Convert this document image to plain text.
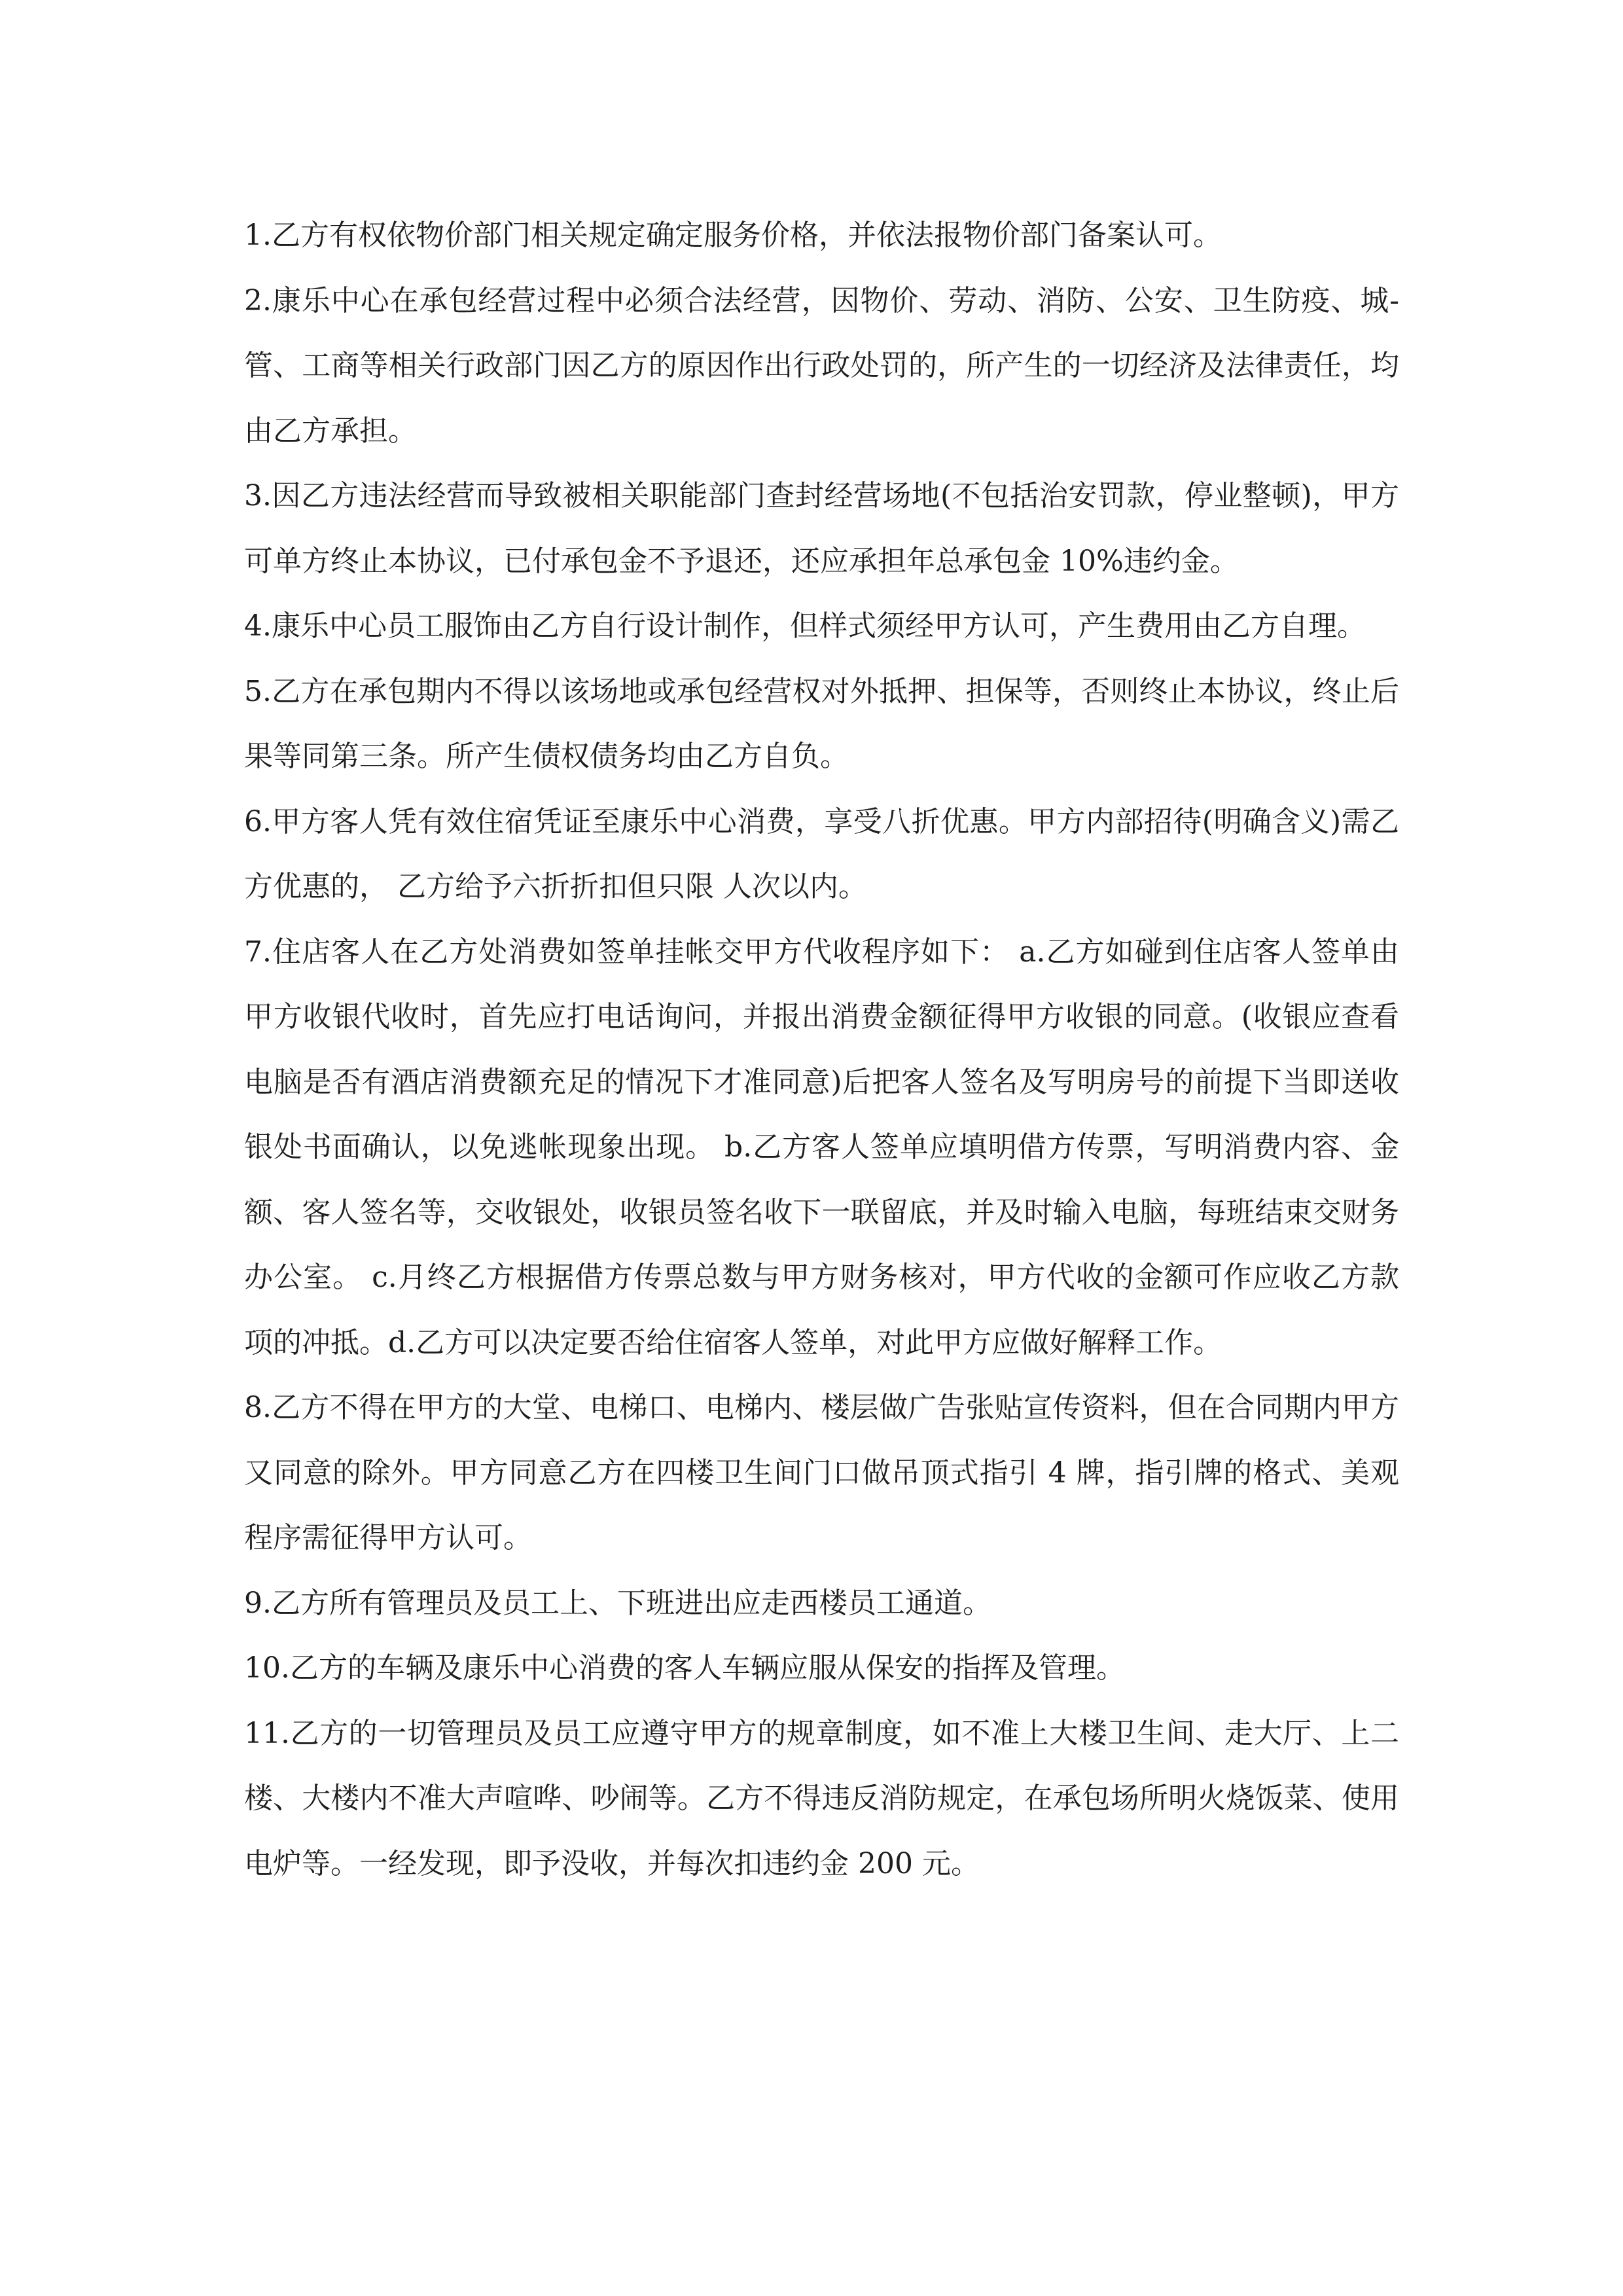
1.乙方有权依物价部门相关规定确定服务价格，并依法报物价部门备案认可。

2.康乐中心在承包经营过程中必须合法经营，因物价、劳动、消防、公安、卫生防疫、城-管、工商等相关行政部门因乙方的原因作出行政处罚的，所产生的一切经济及法律责任，均由乙方承担。

3.因乙方违法经营而导致被相关职能部门查封经营场地(不包括治安罚款，停业整顿)，甲方可单方终止本协议，已付承包金不予退还，还应承担年总承包金 10%违约金。

4.康乐中心员工服饰由乙方自行设计制作，但样式须经甲方认可，产生费用由乙方自理。

5.乙方在承包期内不得以该场地或承包经营权对外抵押、担保等，否则终止本协议，终止后果等同第三条。所产生债权债务均由乙方自负。

6.甲方客人凭有效住宿凭证至康乐中心消费，享受八折优惠。甲方内部招待(明确含义)需乙方优惠的， 乙方给予六折折扣但只限 人次以内。

7.住店客人在乙方处消费如签单挂帐交甲方代收程序如下： a.乙方如碰到住店客人签单由甲方收银代收时，首先应打电话询问，并报出消费金额征得甲方收银的同意。(收银应查看电脑是否有酒店消费额充足的情况下才准同意)后把客人签名及写明房号的前提下当即送收银处书面确认，以免逃帐现象出现。 b.乙方客人签单应填明借方传票，写明消费内容、金额、客人签名等，交收银处，收银员签名收下一联留底，并及时输入电脑，每班结束交财务办公室。 c.月终乙方根据借方传票总数与甲方财务核对，甲方代收的金额可作应收乙方款项的冲抵。d.乙方可以决定要否给住宿客人签单，对此甲方应做好解释工作。

8.乙方不得在甲方的大堂、电梯口、电梯内、楼层做广告张贴宣传资料，但在合同期内甲方又同意的除外。甲方同意乙方在四楼卫生间门口做吊顶式指引 4 牌，指引牌的格式、美观程序需征得甲方认可。

9.乙方所有管理员及员工上、下班进出应走西楼员工通道。

10.乙方的车辆及康乐中心消费的客人车辆应服从保安的指挥及管理。

11.乙方的一切管理员及员工应遵守甲方的规章制度，如不准上大楼卫生间、走大厅、上二楼、大楼内不准大声喧哗、吵闹等。乙方不得违反消防规定，在承包场所明火烧饭菜、使用电炉等。一经发现，即予没收，并每次扣违约金 200 元。
